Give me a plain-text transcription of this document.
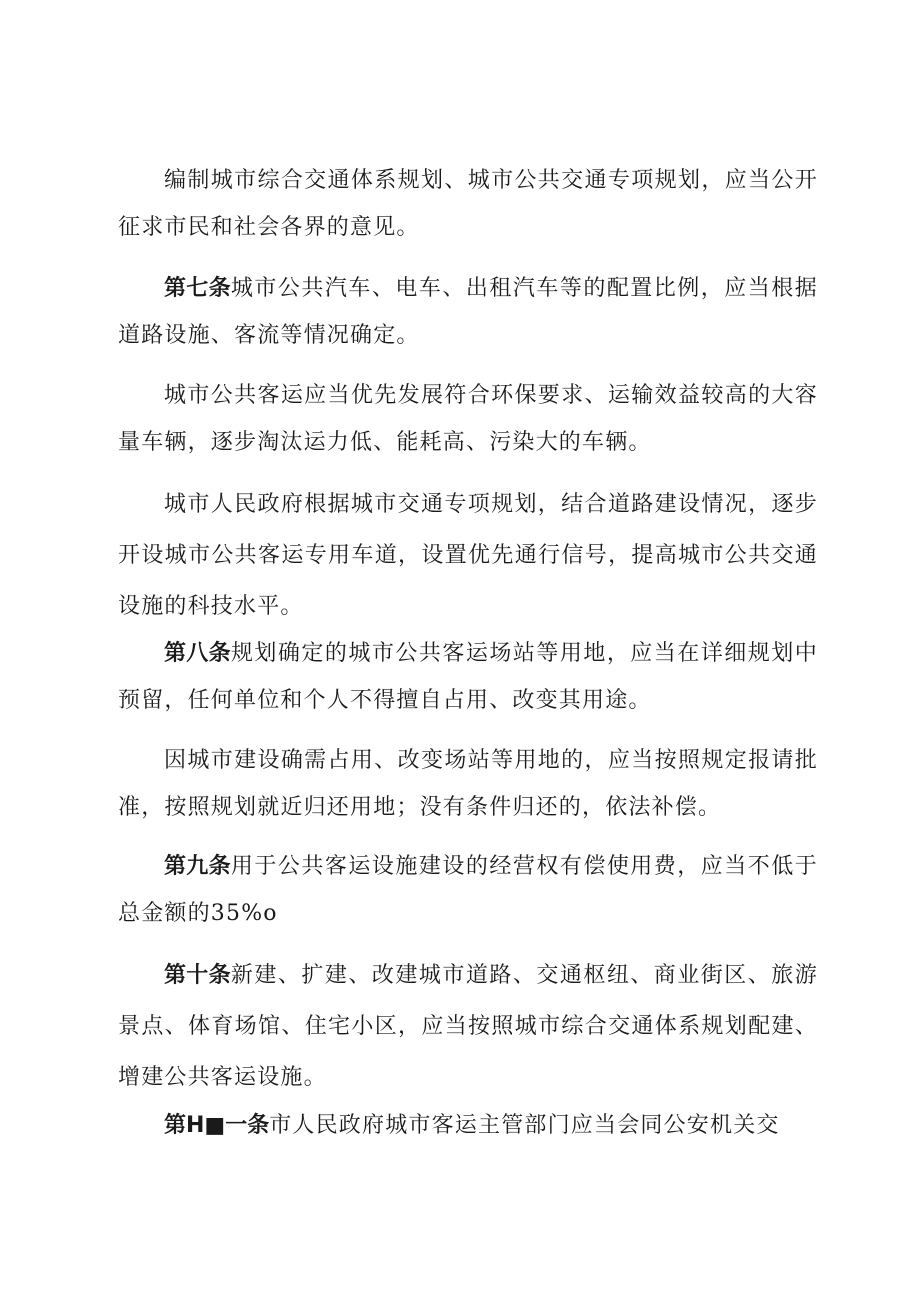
编制城市综合交通体系规划、城市公共交通专项规划，应当公开征求市民和社会各界的意见。

第七条城市公共汽车、电车、出租汽车等的配置比例，应当根据道路设施、客流等情况确定。

城市公共客运应当优先发展符合环保要求、运输效益较高的大容量车辆，逐步淘汰运力低、能耗高、污染大的车辆。

城市人民政府根据城市交通专项规划，结合道路建设情况，逐步开设城市公共客运专用车道，设置优先通行信号，提高城市公共交通设施的科技水平。

第八条规划确定的城市公共客运场站等用地，应当在详细规划中预留，任何单位和个人不得擅自占用、改变其用途。

因城市建设确需占用、改变场站等用地的，应当按照规定报请批准，按照规划就近归还用地；没有条件归还的，依法补偿。

第九条用于公共客运设施建设的经营权有偿使用费，应当不低于总金额的35%o

第十条新建、扩建、改建城市道路、交通枢纽、商业街区、旅游景点、体育场馆、住宅小区，应当按照城市综合交通体系规划配建、增建公共客运设施。

第H■一条市人民政府城市客运主管部门应当会同公安机关交
